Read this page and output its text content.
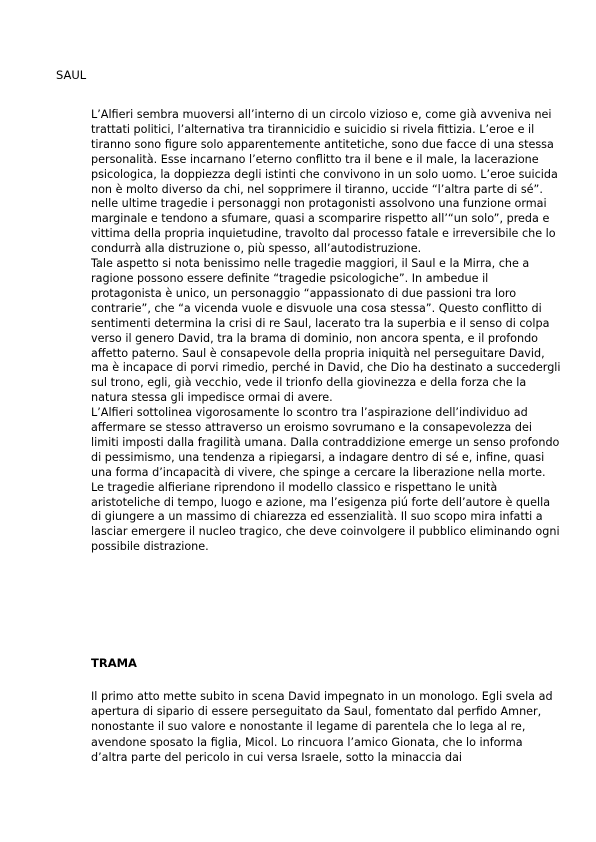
SAUL

L’Alfieri sembra muoversi all’interno di un circolo vizioso e, come già avveniva nei trattati politici, l’alternativa tra tirannicidio e suicidio si rivela fittizia. L’eroe e il tiranno sono figure solo apparentemente antitetiche, sono due facce di una stessa personalità. Esse incarnano l’eterno conflitto tra il bene e il male, la lacerazione psicologica, la doppiezza degli istinti che convivono in un solo uomo. L’eroe suicida non è molto diverso da chi, nel sopprimere il tiranno, uccide “l’altra parte di sé”. nelle ultime tragedie i personaggi non protagonisti assolvono una funzione ormai marginale e tendono a sfumare, quasi a scomparire rispetto all’“un solo”, preda e vittima della propria inquietudine, travolto dal processo fatale e irreversibile che lo condurrà alla distruzione o, più spesso, all’autodistruzione.

Tale aspetto si nota benissimo nelle tragedie maggiori, il Saul e la Mirra, che a ragione possono essere definite “tragedie psicologiche”. In ambedue il protagonista è unico, un personaggio “appassionato di due passioni tra loro contrarie”, che “a vicenda vuole e disvuole una cosa stessa”. Questo conflitto di sentimenti determina la crisi di re Saul, lacerato tra la superbia e il senso di colpa verso il genero David, tra la brama di dominio, non ancora spenta, e il profondo affetto paterno. Saul è consapevole della propria iniquità nel perseguitare David, ma è incapace di porvi rimedio, perché in David, che Dio ha destinato a succedergli sul trono, egli, già vecchio, vede il trionfo della giovinezza e della forza che la natura stessa gli impedisce ormai di avere.

L’Alfieri sottolinea vigorosamente lo scontro tra l’aspirazione dell’individuo ad affermare se stesso attraverso un eroismo sovrumano e la consapevolezza dei limiti imposti dalla fragilità umana. Dalla contraddizione emerge un senso profondo di pessimismo, una tendenza a ripiegarsi, a indagare dentro di sé e, infine, quasi una forma d’incapacità di vivere, che spinge a cercare la liberazione nella morte.

Le tragedie alfieriane riprendono il modello classico e rispettano le unità aristoteliche di tempo, luogo e azione, ma l’esigenza piú forte dell’autore è quella di giungere a un massimo di chiarezza ed essenzialità. Il suo scopo mira infatti a lasciar emergere il nucleo tragico, che deve coinvolgere il pubblico eliminando ogni possibile distrazione.

TRAMA

Il primo atto mette subito in scena David impegnato in un monologo. Egli svela ad apertura di sipario di essere perseguitato da Saul, fomentato dal perfido Amner, nonostante il suo valore e nonostante il legame di parentela che lo lega al re, avendone sposato la figlia, Micol. Lo rincuora l’amico Gionata, che lo informa d’altra parte del pericolo in cui versa Israele, sotto la minaccia dai
